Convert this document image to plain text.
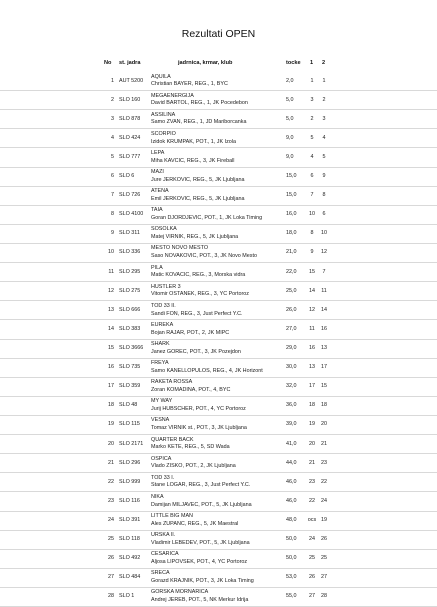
Rezultati OPEN
No st. jadra	jadrnica, krmar, klub	tocke 1 2
1 AUT 5200
AQUILA
Christian BAYER, REG., 1, BYC
2,0	1	1
2 SLO 160
MEGAENERGIJA
David BARTOL, REG., 1, JK Pocedebon
5,0	3	2
3 SLO 878
ASSILINA
Samo ZVAN, REG., 1, JD Mariborcanka
5,0	2	3
4 SLO 424
SCORPIO
Izidok KRUMPAK, POT., 1, JK Izola
9,0	5	4
5 SLO 777
LEPA
Miha KAVCIC, REG., 3, JK Fireball
9,0	4	5
6 SLO 6
MAZI
Jure JERKOVIC, REG., 5, JK Ljubljana
15,0	6	9
7 SLO 726
ATENA
Emil JERKOVIC, REG., 5, JK Ljubljana
15,0	7	8
8 SLO 4100
TAIA
Goran DJORDJEVIC, POT., 1, JK Loka Timing
16,0	10	6
9 SLO 311
SOSOLKA
Matej VIRNIK, REG., 5, JK Ljubljana
18,0	8	10
10 SLO 336
MESTO NOVO MESTO
Saso NOVAKOVIC, POT., 3, JK Novo Mesto
21,0	9	12
11 SLO 295
PILA
Matic KOVACIC, REG., 3, Morska vidra
22,0	15	7
12 SLO 275
HUSTLER 3
Vitomir OSTANEK, REG., 3, YC Portoroz
25,0	14	11
13 SLO 666
TOD 33 II.
Sandi FON, REG., 3, Just Perfect Y.C.
26,0	12	14
14 SLO 383
EUREKA
Bojan RAJAR, POT., 2, JK MIPC
27,0	11	16
15 SLO 3666
SHARK
Janez GOREC, POT., 3, JK Pozejdon
29,0	16	13
16 SLO 735
FREYA
Samo KANELLOPULOS, REG., 4, JK Horizont
30,0	13	17
17 SLO 359
RAKETA ROSSA
Zoran KOMADINA, POT., 4, BYC
32,0	17	15
18 SLO 48
MY WAY
Jurij HUBSCHER, POT., 4, YC Portoroz
36,0	18	18
19 SLO 115
VESNA
Tomaz VIRNIK st., POT., 3, JK Ljubljana
39,0	19	20
20 SLO 2171
QUARTER BACK
Marko KETE, REG., 5, SD Wada
41,0	20	21
21 SLO 296
OSPICA
Vlado ZISKO, POT., 2, JK Ljubljana
44,0	21	23
22 SLO 999
TOD 33 I.
Stane LOGAR, REG., 3, Just Perfect Y.C.
46,0	23	22
23 SLO 116
NIKA
Damijan MILJAVEC, POT., 5, JK Ljubljana
46,0	22	24
24 SLO 391
LITTLE BIG MAN
Ales ZUPANC, REG., 5, JK Maestral
48,0 ocs 19
25 SLO 118
URSKA II.
Vladimir LEBEDEV, POT., 5, JK Ljubljana
50,0	24	26
26 SLO 492
CESARICA
Aljosa LIPOVSEK, POT., 4, YC Portoroz
50,0	25	25
27 SLO 484
SRECA
Gorazd KRAJNIK, POT., 3, JK Loka Timing
53,0	26	27
28 SLO 1
GORSKA MORNARICA
Andrej JEREB, POT., 5, NK Merkur Idrija
55,0	27	28
